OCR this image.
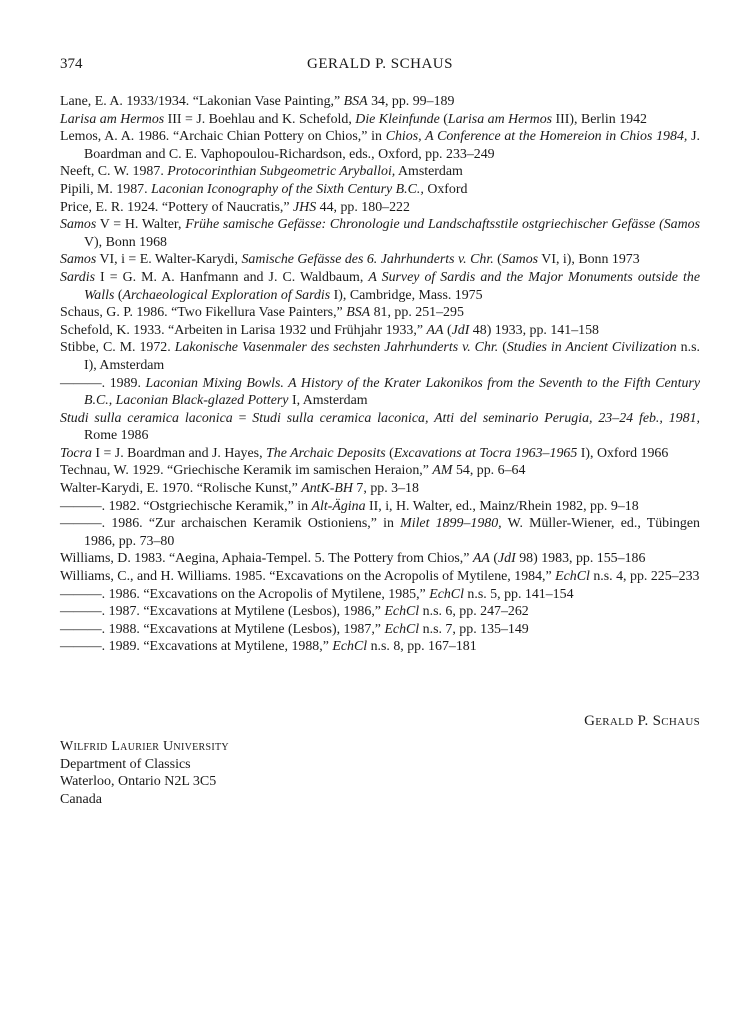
374	GERALD P. SCHAUS
Lane, E. A. 1933/1934. “Lakonian Vase Painting,” BSA 34, pp. 99–189
Larisa am Hermos III = J. Boehlau and K. Schefold, Die Kleinfunde (Larisa am Hermos III), Berlin 1942
Lemos, A. A. 1986. “Archaic Chian Pottery on Chios,” in Chios, A Conference at the Homereion in Chios 1984, J. Boardman and C. E. Vaphopoulou-Richardson, eds., Oxford, pp. 233–249
Neeft, C. W. 1987. Protocorinthian Subgeometric Aryballoi, Amsterdam
Pipili, M. 1987. Laconian Iconography of the Sixth Century B.C., Oxford
Price, E. R. 1924. “Pottery of Naucratis,” JHS 44, pp. 180–222
Samos V = H. Walter, Frühe samische Gefässe: Chronologie und Landschaftsstile ostgriechischer Gefässe (Samos V), Bonn 1968
Samos VI, i = E. Walter-Karydi, Samische Gefässe des 6. Jahrhunderts v. Chr. (Samos VI, i), Bonn 1973
Sardis I = G. M. A. Hanfmann and J. C. Waldbaum, A Survey of Sardis and the Major Monuments outside the Walls (Archaeological Exploration of Sardis I), Cambridge, Mass. 1975
Schaus, G. P. 1986. “Two Fikellura Vase Painters,” BSA 81, pp. 251–295
Schefold, K. 1933. “Arbeiten in Larisa 1932 und Frühjahr 1933,” AA (JdI 48) 1933, pp. 141–158
Stibbe, C. M. 1972. Lakonische Vasenmaler des sechsten Jahrhunderts v. Chr. (Studies in Ancient Civilization n.s. I), Amsterdam
———. 1989. Laconian Mixing Bowls. A History of the Krater Lakonikos from the Seventh to the Fifth Century B.C., Laconian Black-glazed Pottery I, Amsterdam
Studi sulla ceramica laconica = Studi sulla ceramica laconica, Atti del seminario Perugia, 23–24 feb., 1981, Rome 1986
Tocra I = J. Boardman and J. Hayes, The Archaic Deposits (Excavations at Tocra 1963–1965 I), Oxford 1966
Technau, W. 1929. “Griechische Keramik im samischen Heraion,” AM 54, pp. 6–64
Walter-Karydi, E. 1970. “Rolische Kunst,” AntK-BH 7, pp. 3–18
———. 1982. “Ostgriechische Keramik,” in Alt-Ägina II, i, H. Walter, ed., Mainz/Rhein 1982, pp. 9–18
———. 1986. “Zur archaischen Keramik Ostioniens,” in Milet 1899–1980, W. Müller-Wiener, ed., Tübingen 1986, pp. 73–80
Williams, D. 1983. “Aegina, Aphaia-Tempel. 5. The Pottery from Chios,” AA (JdI 98) 1983, pp. 155–186
Williams, C., and H. Williams. 1985. “Excavations on the Acropolis of Mytilene, 1984,” EchCl n.s. 4, pp. 225–233
———. 1986. “Excavations on the Acropolis of Mytilene, 1985,” EchCl n.s. 5, pp. 141–154
———. 1987. “Excavations at Mytilene (Lesbos), 1986,” EchCl n.s. 6, pp. 247–262
———. 1988. “Excavations at Mytilene (Lesbos), 1987,” EchCl n.s. 7, pp. 135–149
———. 1989. “Excavations at Mytilene, 1988,” EchCl n.s. 8, pp. 167–181
Gerald P. Schaus
Wilfrid Laurier University
Department of Classics
Waterloo, Ontario N2L 3C5
Canada
